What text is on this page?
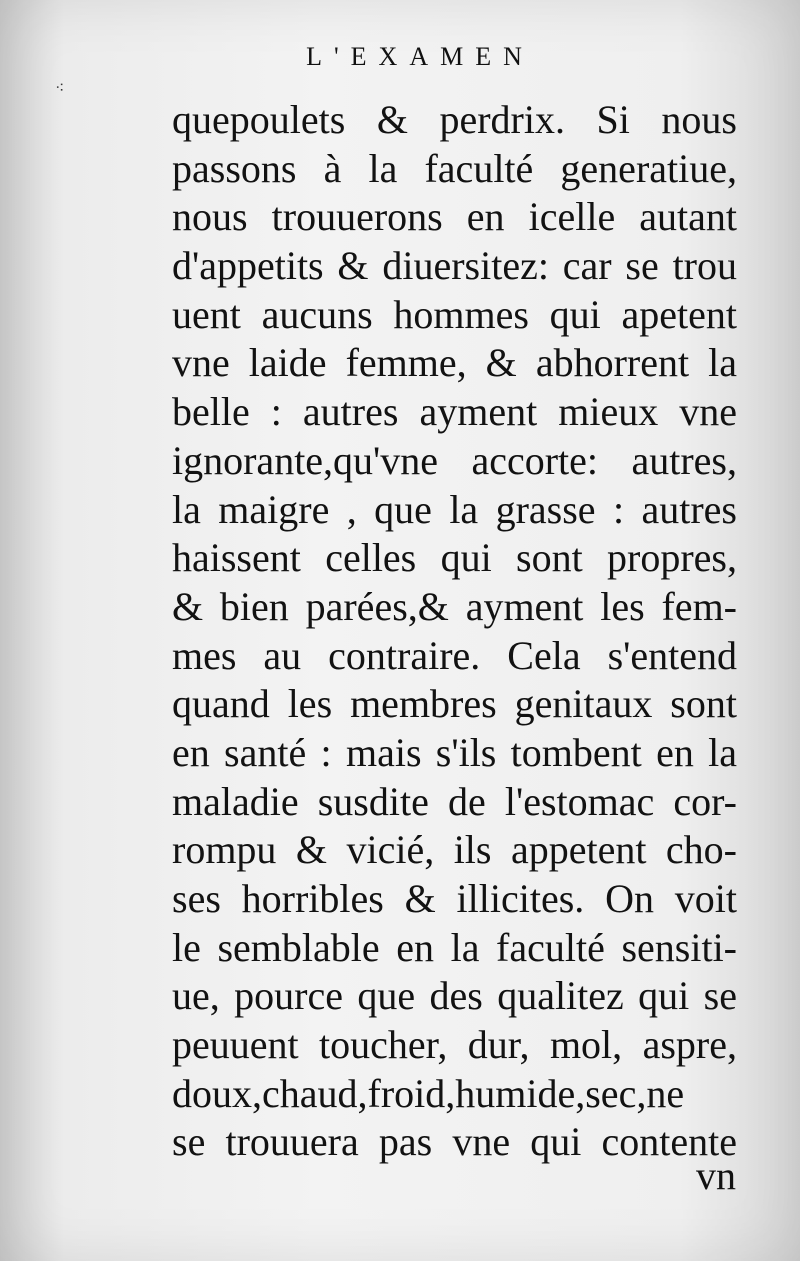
⁖
L'EXAMEN
quepoulets & perdrix. Si nous
passons à la faculté generatiue,
nous trouuerons en icelle autant
d'appetits & diuersitez: car se trou
uent aucuns hommes qui apetent
vne laide femme, & abhorrent la
belle : autres ayment mieux vne
ignorante,qu'vne accorte: autres,
la maigre , que la grasse : autres
haissent celles qui sont propres,
& bien parées,& ayment les fem-
mes au contraire. Cela s'entend
quand les membres genitaux sont
en santé : mais s'ils tombent en la
maladie susdite de l'estomac cor-
rompu & vicié, ils appetent cho-
ses horribles & illicites. On voit
le semblable en la faculté sensiti-
ue, pource que des qualitez qui se
peuuent toucher, dur, mol, aspre,
doux,chaud,froid,humide,sec,ne
se trouuera pas vne qui contente
vn
